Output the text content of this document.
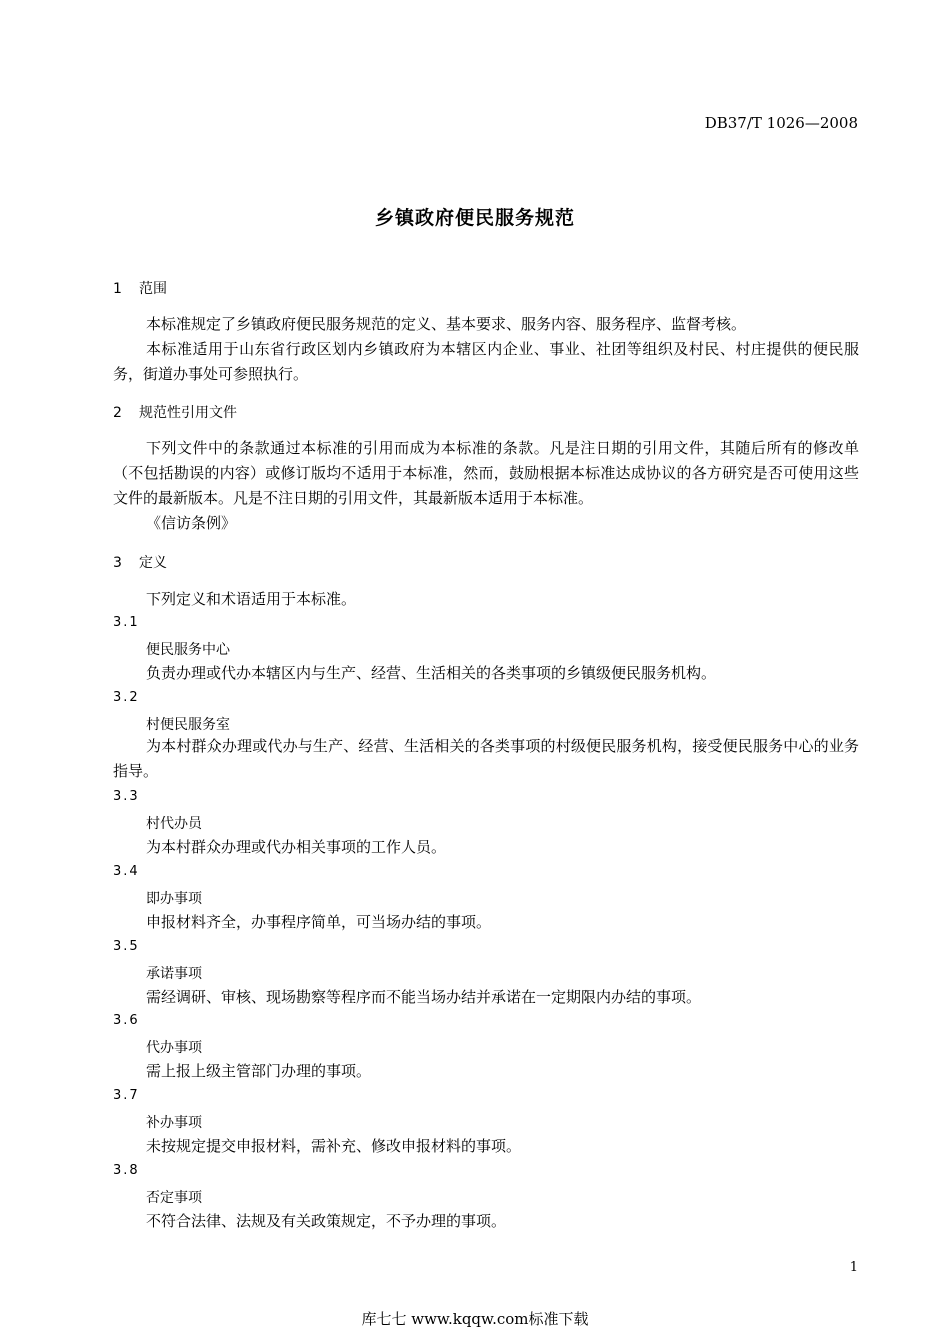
DB37/T 1026—2008
乡镇政府便民服务规范
1 范围
本标准规定了乡镇政府便民服务规范的定义、基本要求、服务内容、服务程序、监督考核。
本标准适用于山东省行政区划内乡镇政府为本辖区内企业、事业、社团等组织及村民、村庄提供的便民服务，街道办事处可参照执行。
2 规范性引用文件
下列文件中的条款通过本标准的引用而成为本标准的条款。凡是注日期的引用文件，其随后所有的修改单（不包括勘误的内容）或修订版均不适用于本标准，然而，鼓励根据本标准达成协议的各方研究是否可使用这些文件的最新版本。凡是不注日期的引用文件，其最新版本适用于本标准。
《信访条例》
3 定义
下列定义和术语适用于本标准。
3.1
便民服务中心
负责办理或代办本辖区内与生产、经营、生活相关的各类事项的乡镇级便民服务机构。
3.2
村便民服务室
为本村群众办理或代办与生产、经营、生活相关的各类事项的村级便民服务机构，接受便民服务中心的业务指导。
3.3
村代办员
为本村群众办理或代办相关事项的工作人员。
3.4
即办事项
申报材料齐全，办事程序简单，可当场办结的事项。
3.5
承诺事项
需经调研、审核、现场勘察等程序而不能当场办结并承诺在一定期限内办结的事项。
3.6
代办事项
需上报上级主管部门办理的事项。
3.7
补办事项
未按规定提交申报材料，需补充、修改申报材料的事项。
3.8
否定事项
不符合法律、法规及有关政策规定，不予办理的事项。
1
库七七 www.kqqw.com标准下载
